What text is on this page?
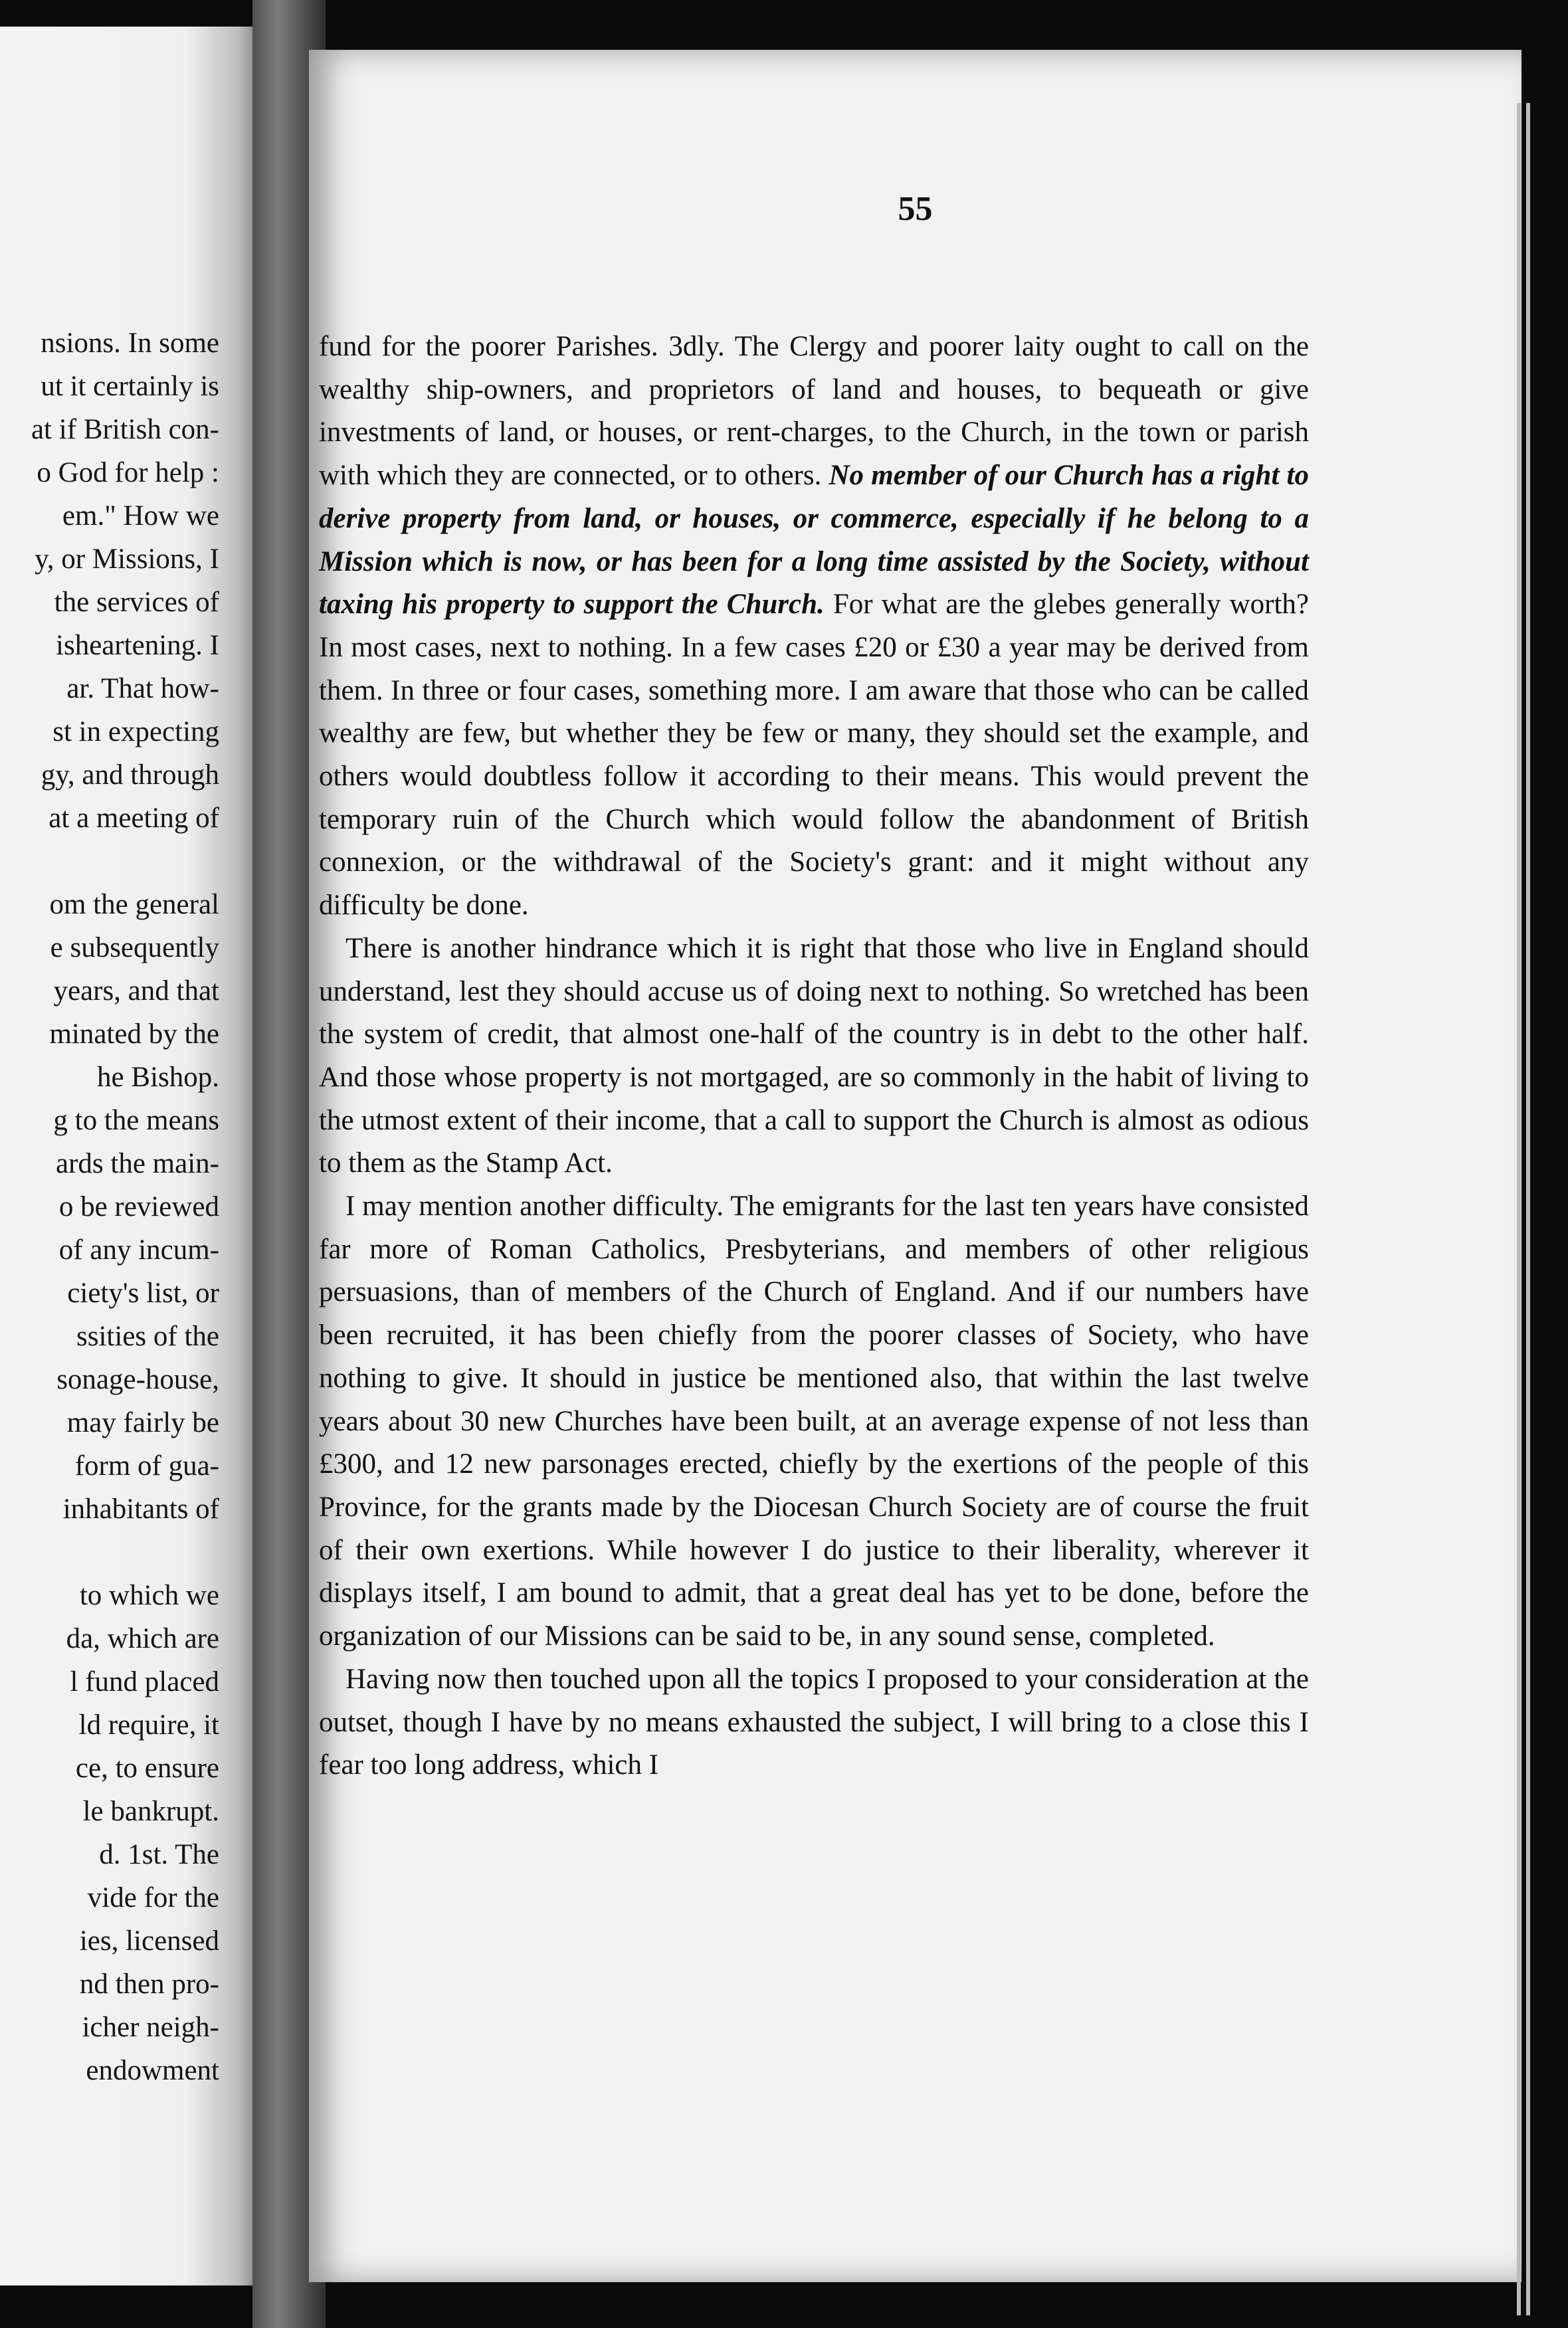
nsions. In some
ut it certainly is
at if British con-
o God for help :
em." How we
y, or Missions, I
the services of
isheartening. I
ar. That how-
st in expecting
gy, and through
at a meeting of
om the general
e subsequently
years, and that
minated by the
he Bishop.
g to the means
ards the main-
o be reviewed
of any incum-
ciety's list, or
ssities of the
sonage-house,
may fairly be
form of gua-
inhabitants of
to which we
da, which are
l fund placed
ld require, it
ce, to ensure
le bankrupt.
d. 1st. The
vide for the
ies, licensed
nd then pro-
icher neigh-
endowment
55

fund for the poorer Parishes. 3dly. The Clergy and poorer laity ought to call on the wealthy ship-owners, and proprietors of land and houses, to bequeath or give investments of land, or houses, or rent-charges, to the Church, in the town or parish with which they are connected, or to others. No member of our Church has a right to derive property from land, or houses, or commerce, especially if he belong to a Mission which is now, or has been for a long time assisted by the Society, without taxing his property to support the Church. For what are the glebes generally worth? In most cases, next to nothing. In a few cases £20 or £30 a year may be derived from them. In three or four cases, something more. I am aware that those who can be called wealthy are few, but whether they be few or many, they should set the example, and others would doubtless follow it according to their means. This would prevent the temporary ruin of the Church which would follow the abandonment of British connexion, or the withdrawal of the Society's grant: and it might without any difficulty be done.

There is another hindrance which it is right that those who live in England should understand, lest they should accuse us of doing next to nothing. So wretched has been the system of credit, that almost one-half of the country is in debt to the other half. And those whose property is not mortgaged, are so commonly in the habit of living to the utmost extent of their income, that a call to support the Church is almost as odious to them as the Stamp Act.

I may mention another difficulty. The emigrants for the last ten years have consisted far more of Roman Catholics, Presbyterians, and members of other religious persuasions, than of members of the Church of England. And if our numbers have been recruited, it has been chiefly from the poorer classes of Society, who have nothing to give. It should in justice be mentioned also, that within the last twelve years about 30 new Churches have been built, at an average expense of not less than £300, and 12 new parsonages erected, chiefly by the exertions of the people of this Province, for the grants made by the Diocesan Church Society are of course the fruit of their own exertions. While however I do justice to their liberality, wherever it displays itself, I am bound to admit, that a great deal has yet to be done, before the organization of our Missions can be said to be, in any sound sense, completed.

Having now then touched upon all the topics I proposed to your consideration at the outset, though I have by no means exhausted the subject, I will bring to a close this I fear too long address, which I
